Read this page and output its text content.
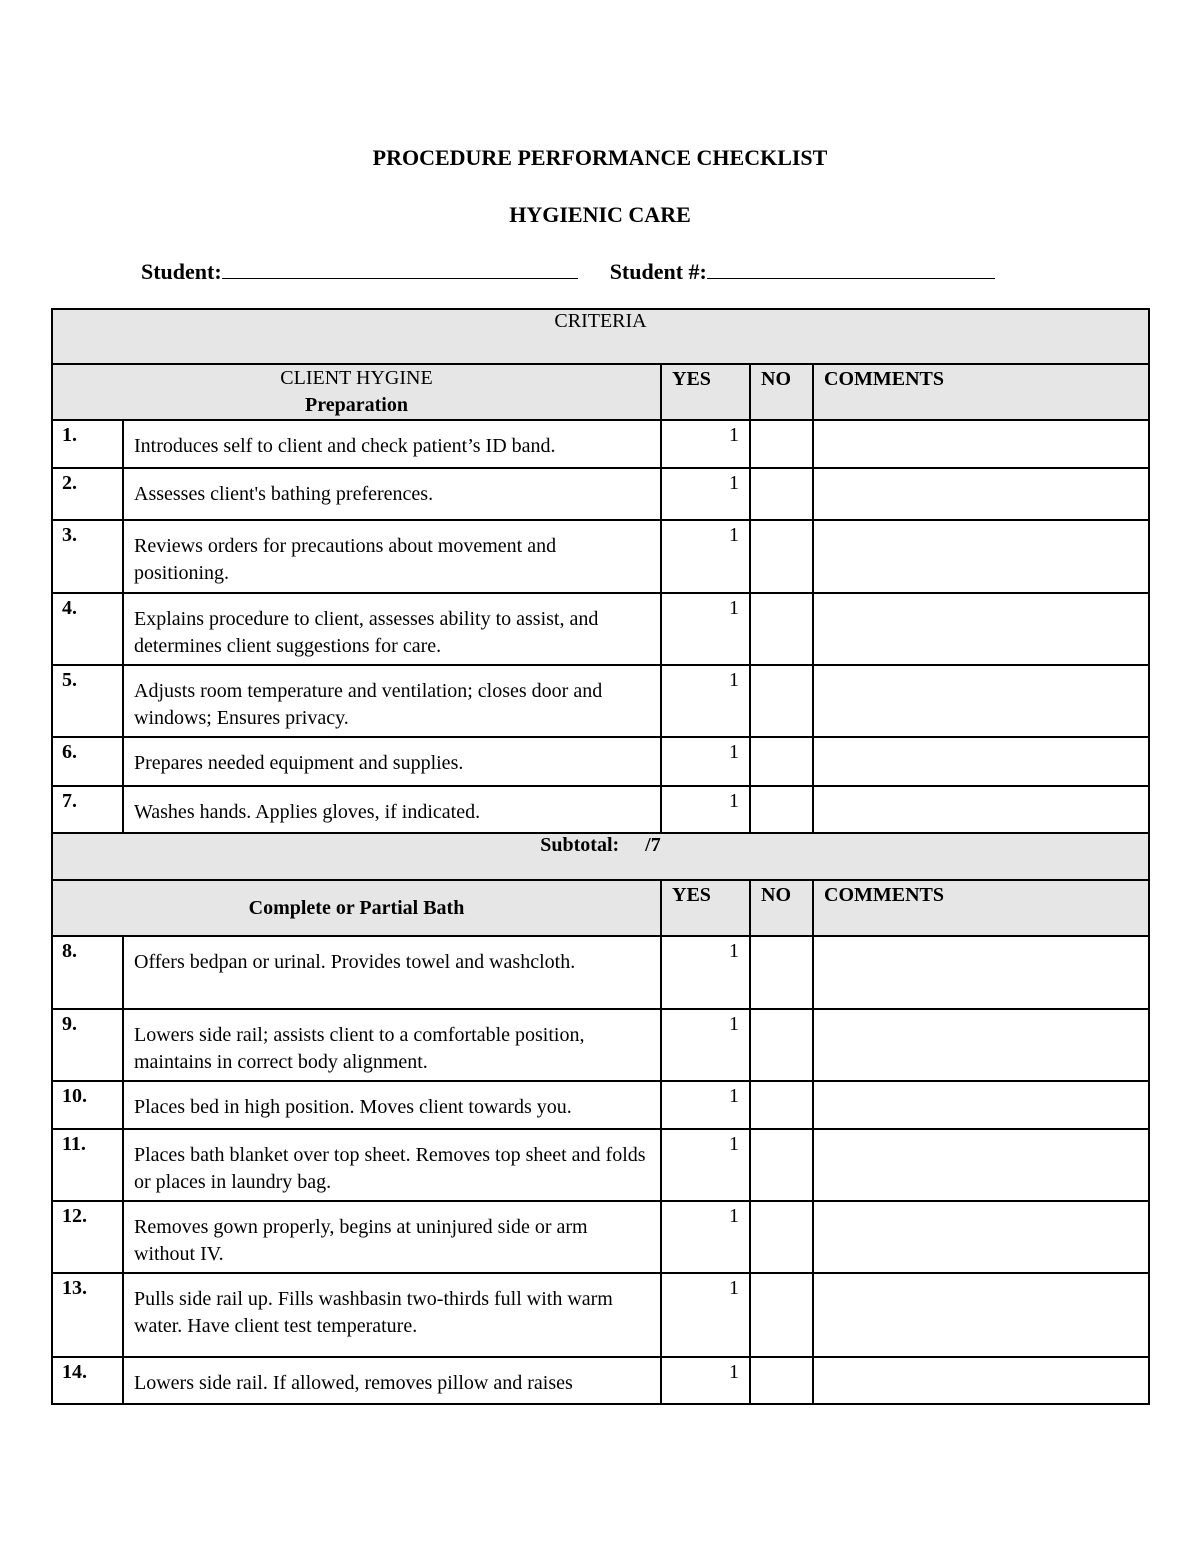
PROCEDURE PERFORMANCE CHECKLIST
HYGIENIC CARE
Student:	Student #:
CRITERIA				

CLIENT HYGINE
Preparation		YES	NO	COMMENTS
1.	Introduces self to client and check patient’s ID band.	1		
2.	Assesses client's bathing preferences.	1		
3.	Reviews orders for precautions about movement and positioning.	1		
4.	Explains procedure to client, assesses ability to assist, and determines client suggestions for care.	1		
5.	Adjusts room temperature and ventilation; closes door and windows; Ensures privacy.	1		
6.	Prepares needed equipment and supplies.	1		
7.	Washes hands. Applies gloves, if indicated.	1		
Subtotal: /7				
Complete or Partial Bath		YES	NO	COMMENTS
8.	Offers bedpan or urinal. Provides towel and washcloth.	1		
9.	Lowers side rail; assists client to a comfortable position, maintains in correct body alignment.	1		
10.	Places bed in high position. Moves client towards you.	1		
11.	Places bath blanket over top sheet. Removes top sheet and folds or places in laundry bag.	1		
12.	Removes gown properly, begins at uninjured side or arm without IV.	1		
13.	Pulls side rail up. Fills washbasin two-thirds full with warm water. Have client test temperature.	1		
14.	Lowers side rail. If allowed, removes pillow and raises	1		
